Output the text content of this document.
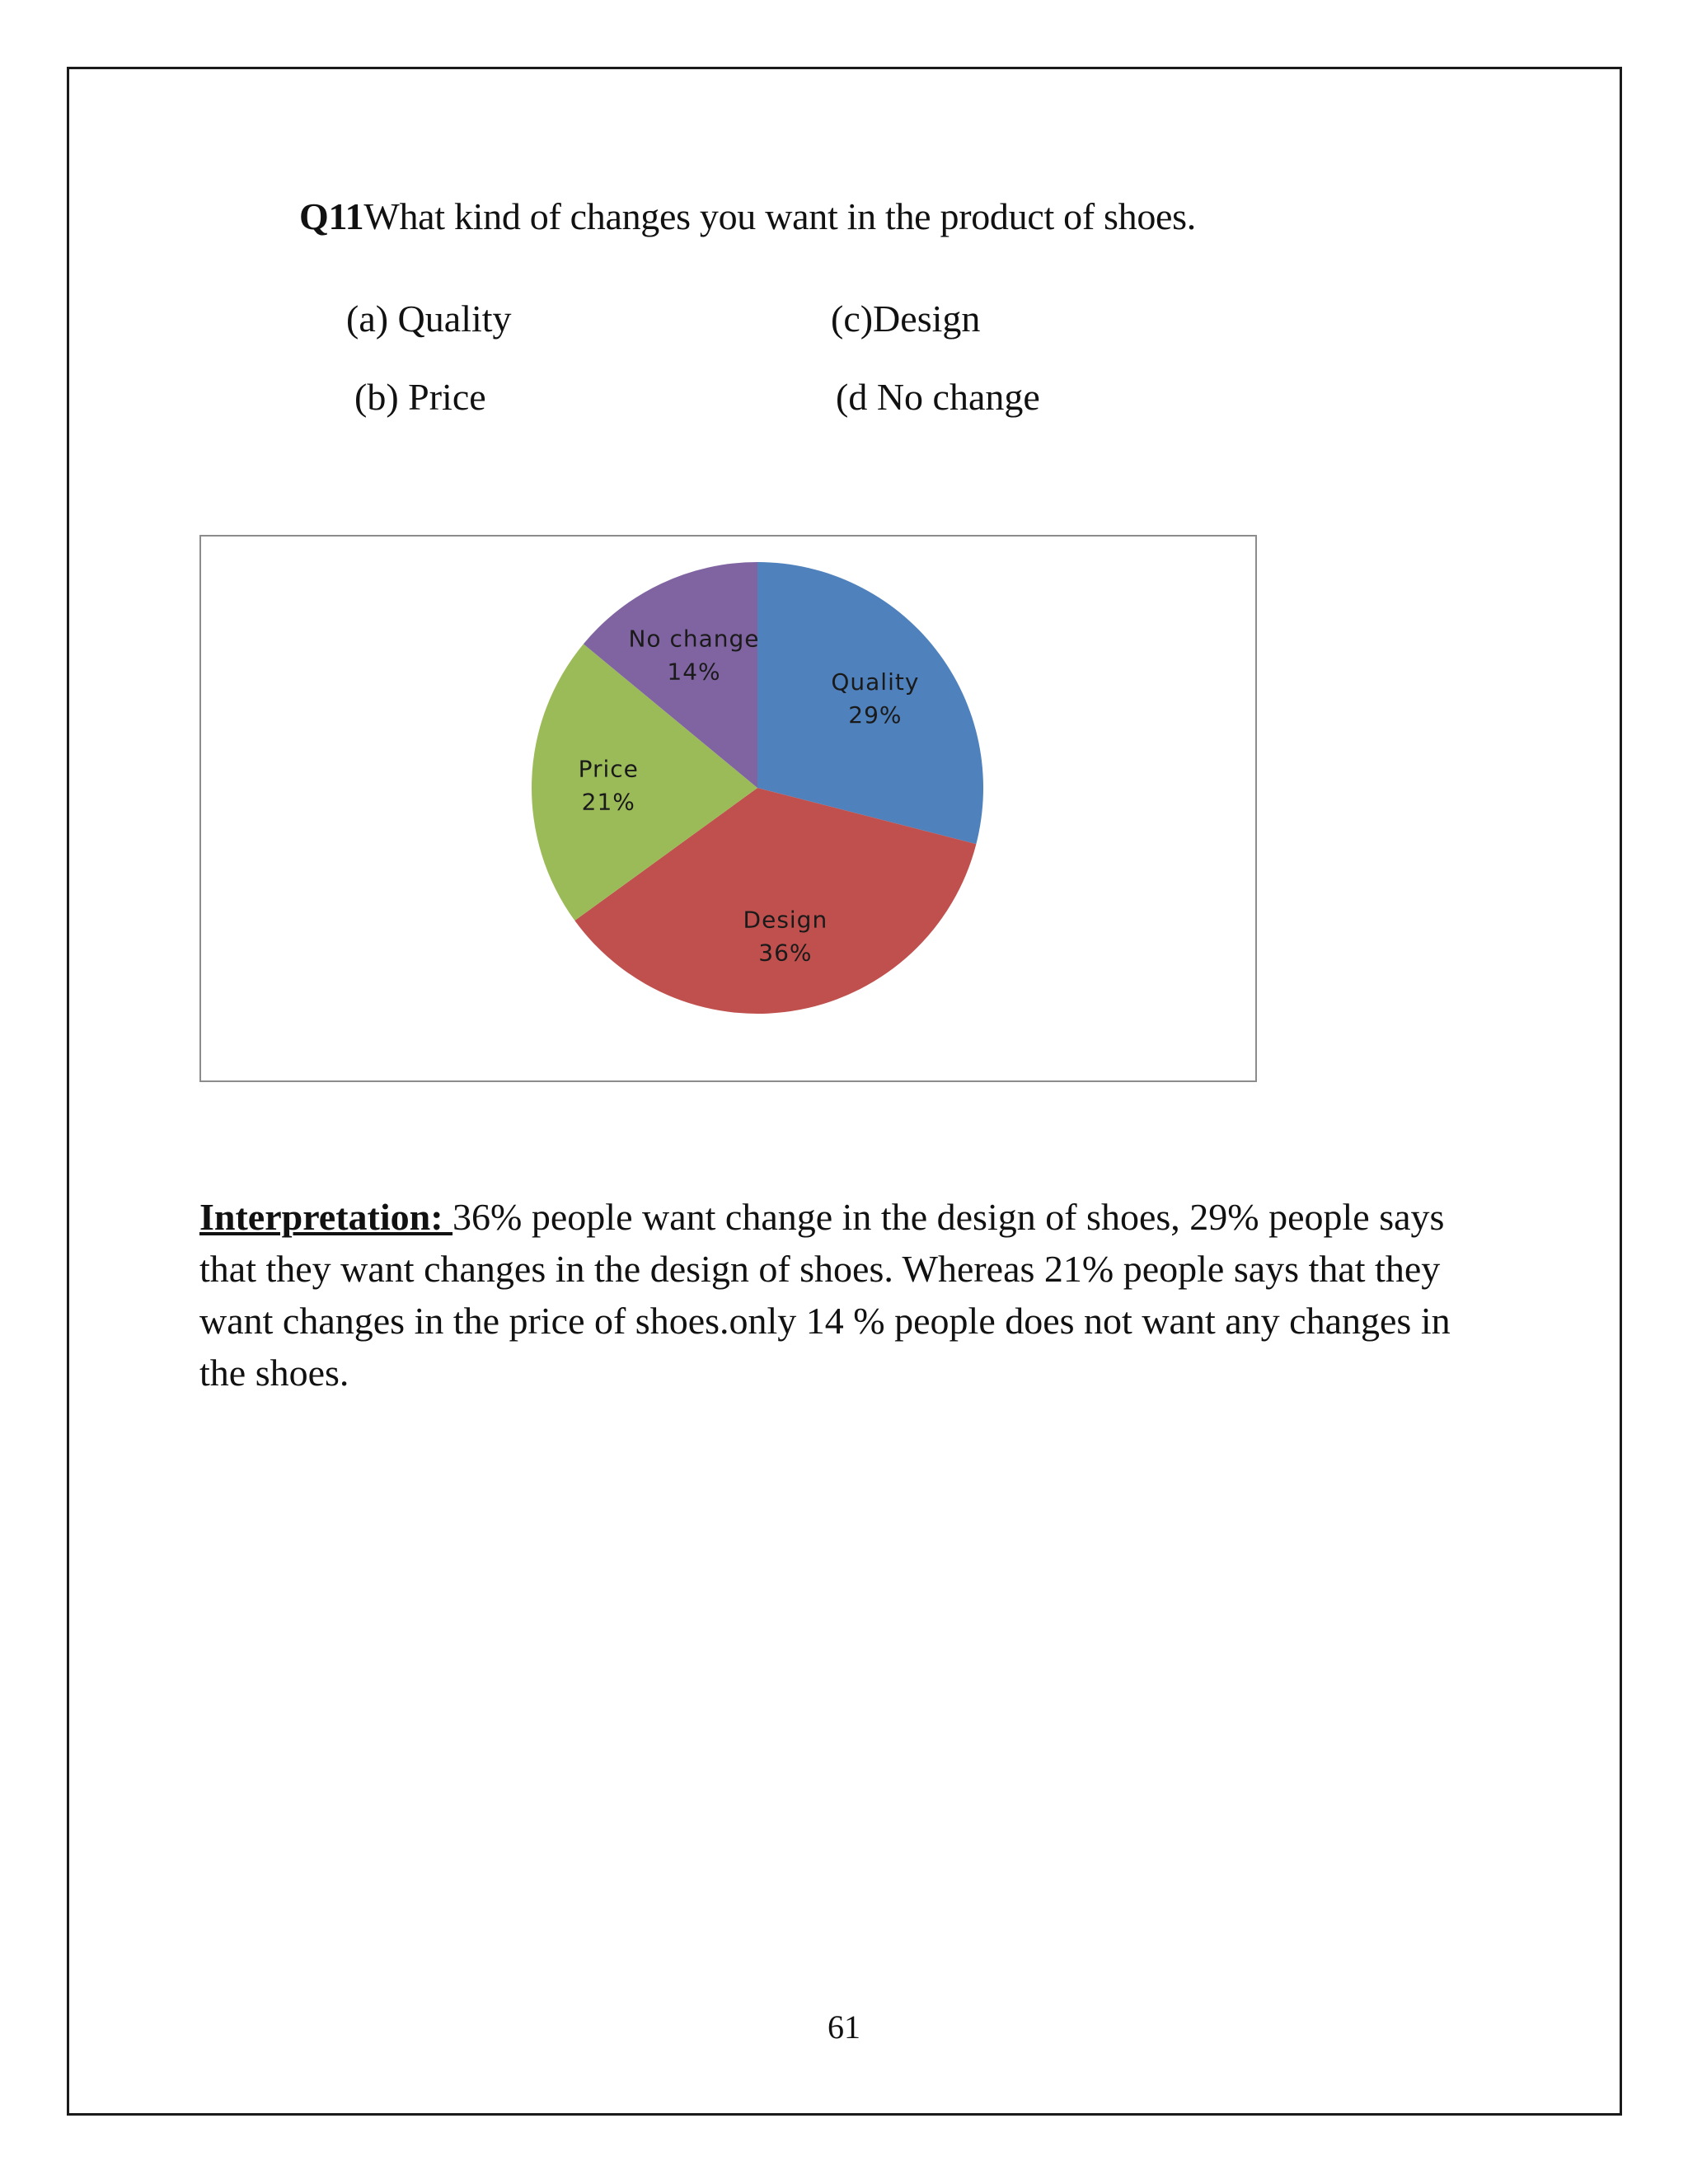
Q11What kind of changes you want in the product of shoes.
(a) Quality
(b) Price
(c)Design
(d No change
Quality 29%
Design 36%
Price 21%
No change 14%
Interpretation: 36% people want change in the design of shoes, 29% people says that they want changes in the design of shoes. Whereas 21% people says that they want changes in the price of shoes.only 14 % people does not want any changes in the shoes.
61
